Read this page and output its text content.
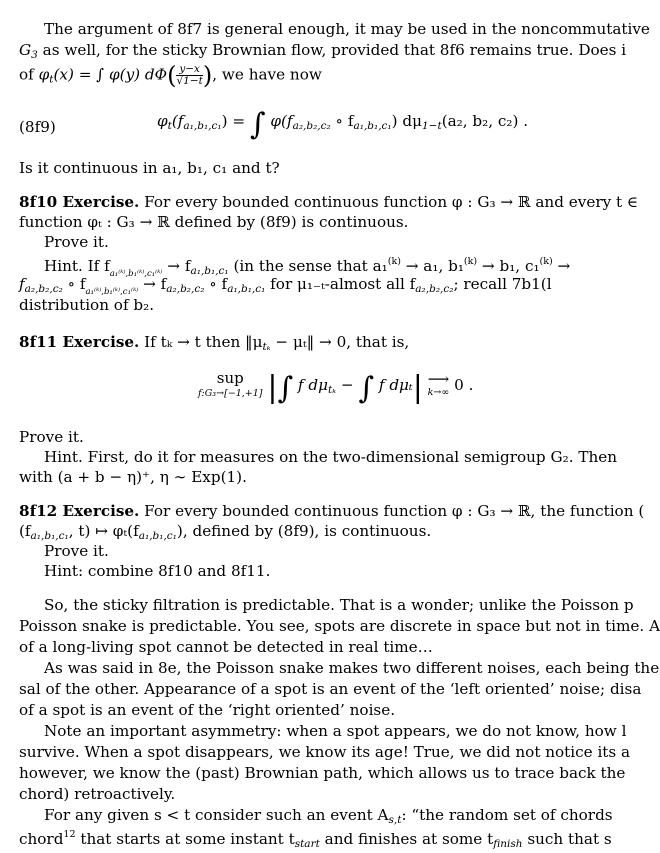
The argument of 8f7 is general enough, it may be used in the noncommutative
$G_3$ as well, for the sticky Brownian flow, provided that 8f6 remains true. Does i
of $\varphi_t(x)$ = ∫ φ(y) $d\Phi( \frac{y-x}{√1-t}$ ), we have now
(8f9)	$\varphi_t(f_{a_1,b_1,c_1})$ = ∫ $\varphi(f_{a_2,b_2,c_2}$ ∘ $f_{a_1,b_1,c_1}$) $d\mu_{1-t}(a_2$, b₂, c₂) .
Is it continuous in a₁, b₁, c₁ and t?
8f10 Exercise. For every bounded continuous function φ : G₃ → ℝ and every t ∈
function φₜ : G₃ → ℝ defined by (8f9) is continuous.
Prove it.
Hint. If $f_{a_1^(ᵏ^),b_1^(ᵏ^),c_1^(ᵏ^)} \to f_{a_1,b_1,c_1}$ (in the sense that a₁$^{(k)}$ → a₁, b₁$^{(k)}$ → b₁, c₁$^{(k)}$ →
$f_{a_2,b_2,c_2}$ ∘ $f_{a_1^(ᵏ^),b_1^(ᵏ^),c_1^(ᵏ^)} \to f_{a_2,b_2,c_2}$ ∘ $f_{a_1,b_1,c_1}$ for μ₁₋ₜ-almost all $f_{a_2,b_2,c_2}$; recall 7b1(l
distribution of b₂.
8f11 Exercise. If tₖ → t then $‖\mu_{t_k}$ − μₜ‖ → 0, that is,
sup
f:G₃→[−1,+1] |∫ f $d\mu_{t_k}$ − ∫ f dμₜ| ⟶
k→∞ 0 .
Prove it.
Hint. First, do it for measures on the two-dimensional semigroup G₂. Then
with (a + b − η)⁺, η ∼ Exp(1).
8f12 Exercise. For every bounded continuous function φ : G₃ → ℝ, the function (
($f_{a_1,b_1,c_1}$, t) ↦ $\varphi_t(f_{a_1,b_1,c_1})$, defined by (8f9), is continuous.
Prove it.
Hint: combine 8f10 and 8f11.
So, the sticky filtration is predictable. That is a wonder; unlike the Poisson p
Poisson snake is predictable. You see, spots are discrete in space but not in time. A
of a long-living spot cannot be detected in real time…
As was said in 8e, the Poisson snake makes two different noises, each being the
sal of the other. Appearance of a spot is an event of the ‘left oriented’ noise; disa
of a spot is an event of the ‘right oriented’ noise.
Note an important asymmetry: when a spot appears, we do not know, how l
survive. When a spot disappears, we know its age! True, we did not notice its a
however, we know the (past) Brownian path, which allows us to trace back the
chord) retroactively.
For any given s < t consider such an event $A_{s,t}$: “the random set of chords
chord$^{12}$ that starts at some instant $t_{start}$ and finishes at some $t_{finish}$ such that s
